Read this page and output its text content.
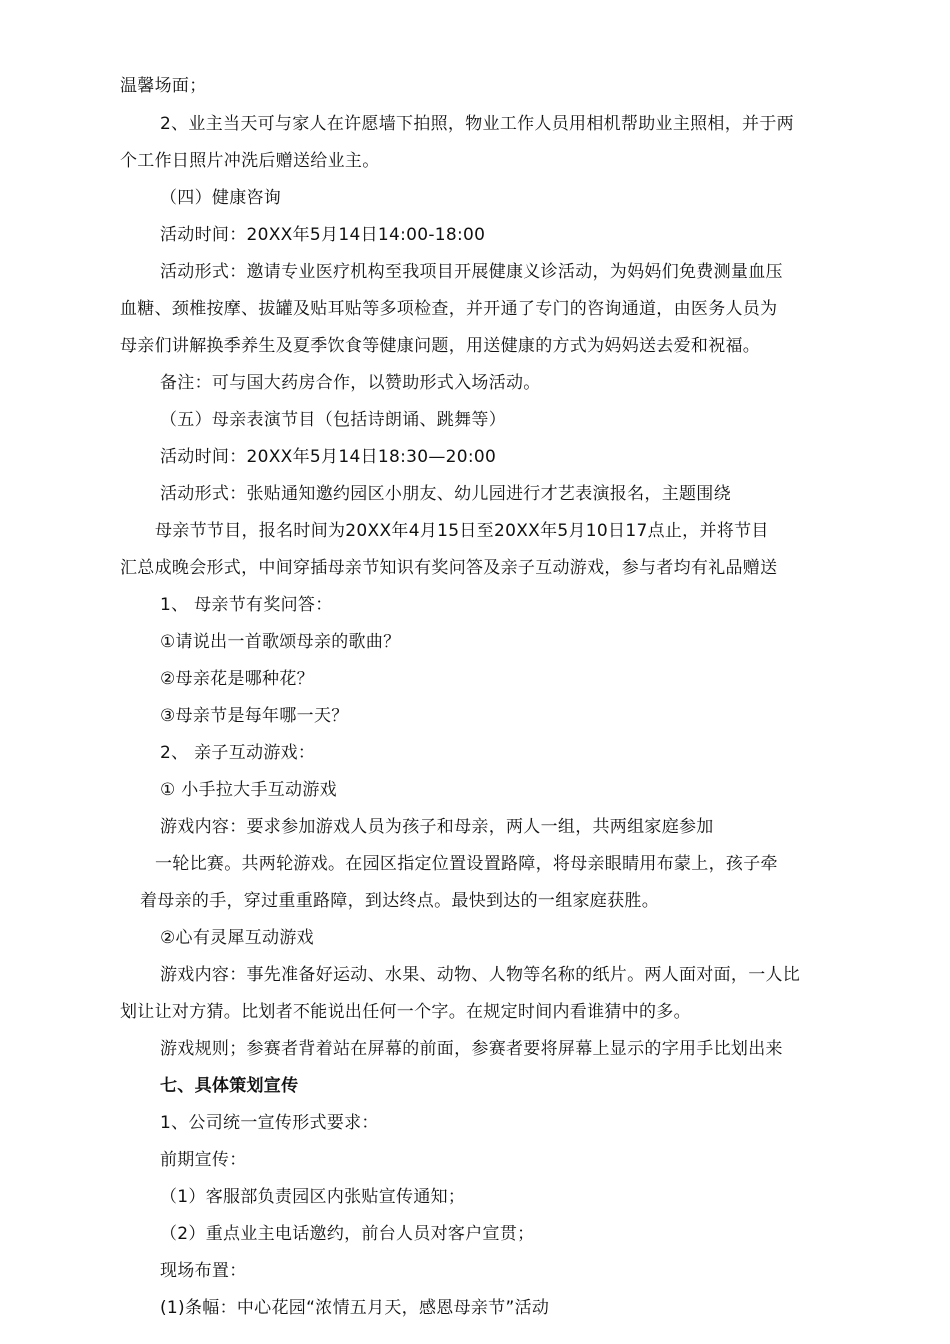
温馨场面；
2、业主当天可与家人在许愿墙下拍照，物业工作人员用相机帮助业主照相，并于两
个工作日照片冲洗后赠送给业主。
（四）健康咨询
活动时间：20XX年5月14日14:00-18:00
活动形式：邀请专业医疗机构至我项目开展健康义诊活动，为妈妈们免费测量血压
血糖、颈椎按摩、拔罐及贴耳贴等多项检查，并开通了专门的咨询通道，由医务人员为
母亲们讲解换季养生及夏季饮食等健康问题，用送健康的方式为妈妈送去爱和祝福。
备注：可与国大药房合作，以赞助形式入场活动。
（五）母亲表演节目（包括诗朗诵、跳舞等）
活动时间：20XX年5月14日18:30—20:00
活动形式：张贴通知邀约园区小朋友、幼儿园进行才艺表演报名，主题围绕
母亲节节目，报名时间为20XX年4月15日至20XX年5月10日17点止，并将节目
汇总成晚会形式，中间穿插母亲节知识有奖问答及亲子互动游戏，参与者均有礼品赠送
1、 母亲节有奖问答：
①请说出一首歌颂母亲的歌曲？
②母亲花是哪种花？
③母亲节是每年哪一天？
2、 亲子互动游戏：
① 小手拉大手互动游戏
游戏内容：要求参加游戏人员为孩子和母亲，两人一组，共两组家庭参加
一轮比赛。共两轮游戏。在园区指定位置设置路障，将母亲眼睛用布蒙上，孩子牵
着母亲的手，穿过重重路障，到达终点。最快到达的一组家庭获胜。
②心有灵犀互动游戏
游戏内容：事先准备好运动、水果、动物、人物等名称的纸片。两人面对面，一人比
划让让对方猜。比划者不能说出任何一个字。在规定时间内看谁猜中的多。
游戏规则；参赛者背着站在屏幕的前面，参赛者要将屏幕上显示的字用手比划出来
七、具体策划宣传
1、公司统一宣传形式要求：
前期宣传：
（1）客服部负责园区内张贴宣传通知；
（2）重点业主电话邀约，前台人员对客户宣贯；
现场布置：
(1)条幅：中心花园“浓情五月天，感恩母亲节”活动
